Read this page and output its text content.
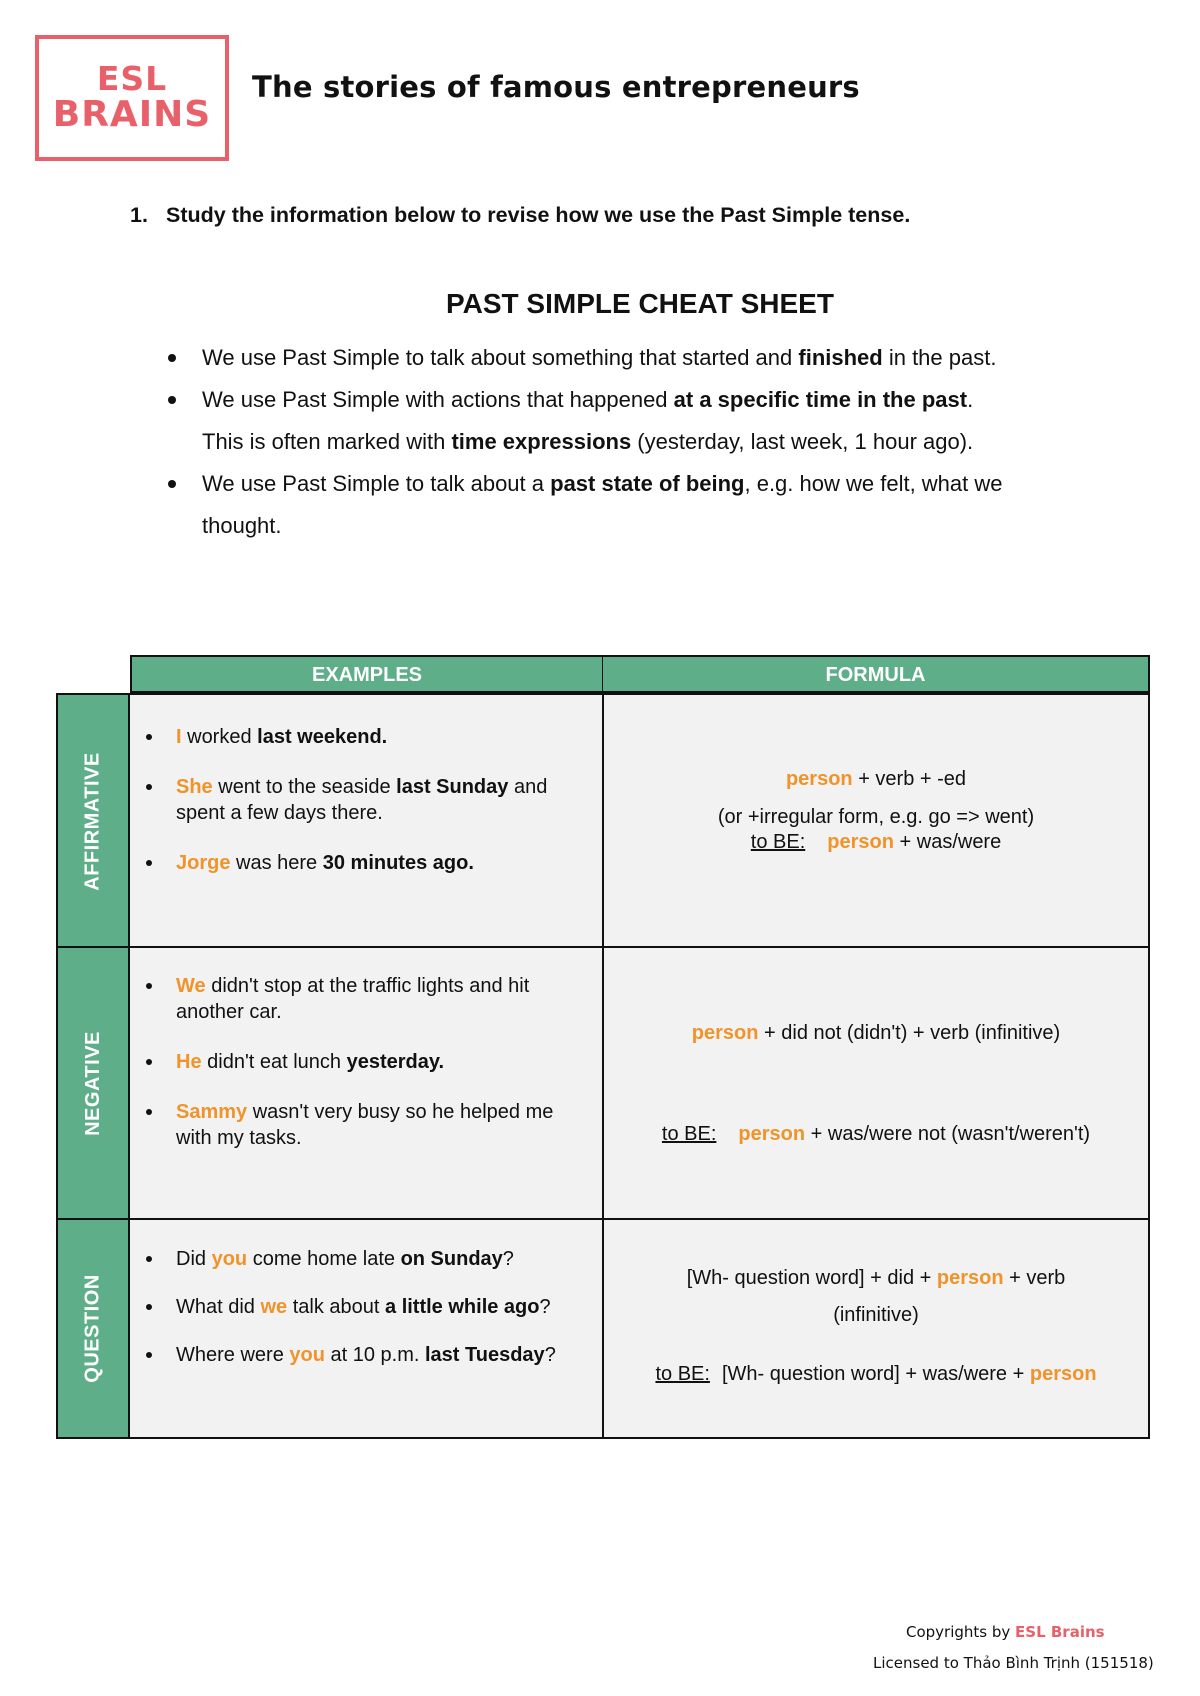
ESL
BRAINS
The stories of famous entrepreneurs
1. Study the information below to revise how we use the Past Simple tense.
PAST SIMPLE CHEAT SHEET
We use Past Simple to talk about something that started and finished in the past.
We use Past Simple with actions that happened at a specific time in the past.
This is often marked with time expressions (yesterday, last week, 1 hour ago).
We use Past Simple to talk about a past state of being, e.g. how we felt, what we thought.
EXAMPLES	FORMULA
AFFIRMATIVE
I worked last weekend.
She went to the seaside last Sunday and spent a few days there.
Jorge was here 30 minutes ago.
person + verb + -ed
(or +irregular form, e.g. go => went)
to BE: person + was/were
NEGATIVE
We didn't stop at the traffic lights and hit another car.
He didn't eat lunch yesterday.
Sammy wasn't very busy so he helped me with my tasks.
person + did not (didn't) + verb (infinitive)
to BE: person + was/were not (wasn't/weren't)
QUESTION
Did you come home late on Sunday?
What did we talk about a little while ago?
Where were you at 10 p.m. last Tuesday?
[Wh- question word] + did + person + verb
(infinitive)
to BE: [Wh- question word] + was/were + person
Copyrights by ESL Brains
Licensed to Thảo Bình Trịnh (151518)
